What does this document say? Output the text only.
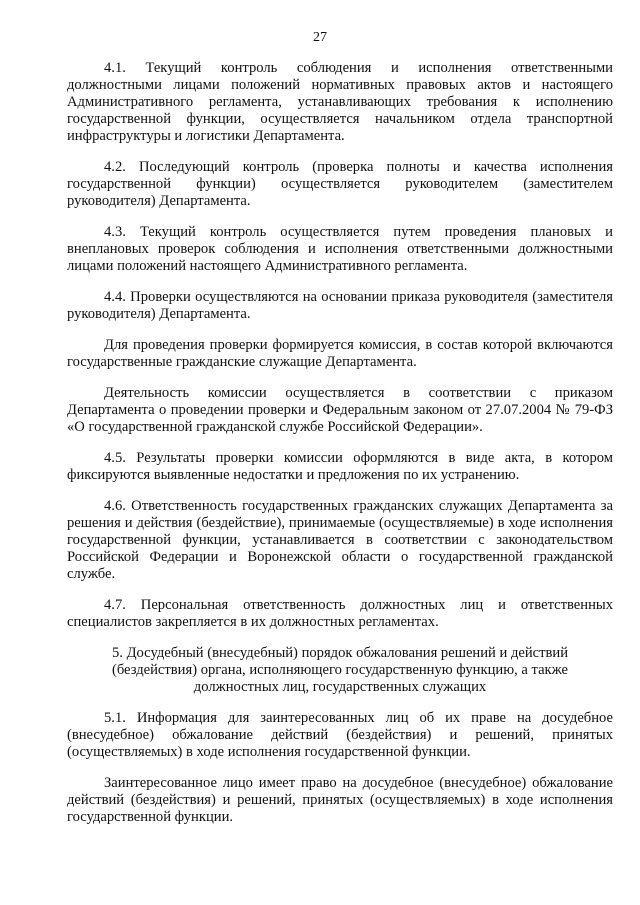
27

4.1. Текущий контроль соблюдения и исполнения ответственными должностными лицами положений нормативных правовых актов и настоящего Административного регламента, устанавливающих требования к исполнению государственной функции, осуществляется начальником отдела транспортной инфраструктуры и логистики Департамента.

4.2. Последующий контроль (проверка полноты и качества исполнения государственной функции) осуществляется руководителем (заместителем руководителя) Департамента.

4.3. Текущий контроль осуществляется путем проведения плановых и внеплановых проверок соблюдения и исполнения ответственными должностными лицами положений настоящего Административного регламента.

4.4. Проверки осуществляются на основании приказа руководителя (заместителя руководителя) Департамента.

Для проведения проверки формируется комиссия, в состав которой включаются государственные гражданские служащие Департамента.

Деятельность комиссии осуществляется в соответствии с приказом Департамента о проведении проверки и Федеральным законом от 27.07.2004 № 79-ФЗ «О государственной гражданской службе Российской Федерации».

4.5. Результаты проверки комиссии оформляются в виде акта, в котором фиксируются выявленные недостатки и предложения по их устранению.

4.6. Ответственность государственных гражданских служащих Департамента за решения и действия (бездействие), принимаемые (осуществляемые) в ходе исполнения государственной функции, устанавливается в соответствии с законодательством Российской Федерации и Воронежской области о государственной гражданской службе.

4.7. Персональная ответственность должностных лиц и ответственных специалистов закрепляется в их должностных регламентах.

5. Досудебный (внесудебный) порядок обжалования решений и действий

(бездействия) органа, исполняющего государственную функцию, а также

должностных лиц, государственных служащих

5.1. Информация для заинтересованных лиц об их праве на досудебное (внесудебное) обжалование действий (бездействия) и решений, принятых (осуществляемых) в ходе исполнения государственной функции.

Заинтересованное лицо имеет право на досудебное (внесудебное) обжалование действий (бездействия) и решений, принятых (осуществляемых) в ходе исполнения государственной функции.
